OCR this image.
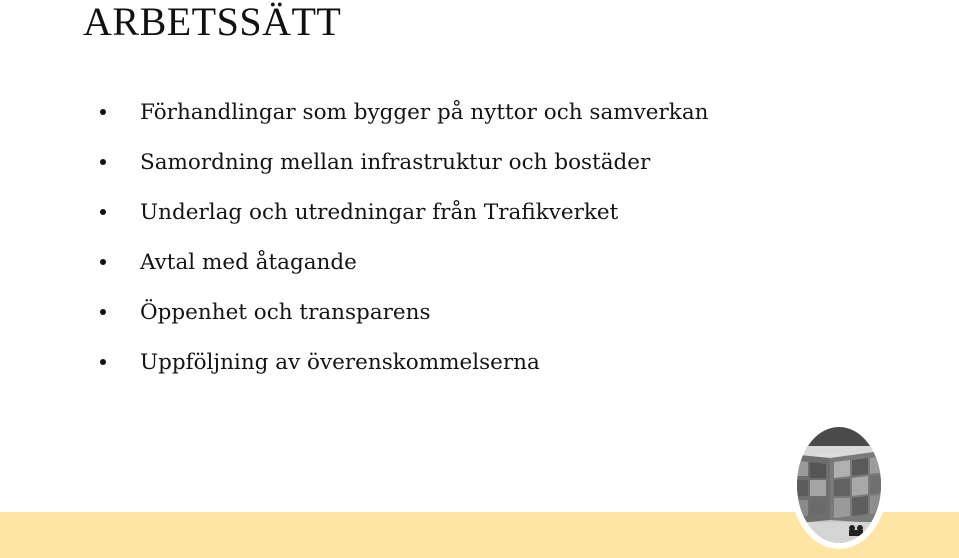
ARBETSSÄTT
Förhandlingar som bygger på nyttor och samverkan
Samordning mellan infrastruktur och bostäder
Underlag och utredningar från Trafikverket
Avtal med åtagande
Öppenhet och transparens
Uppföljning av överenskommelserna
